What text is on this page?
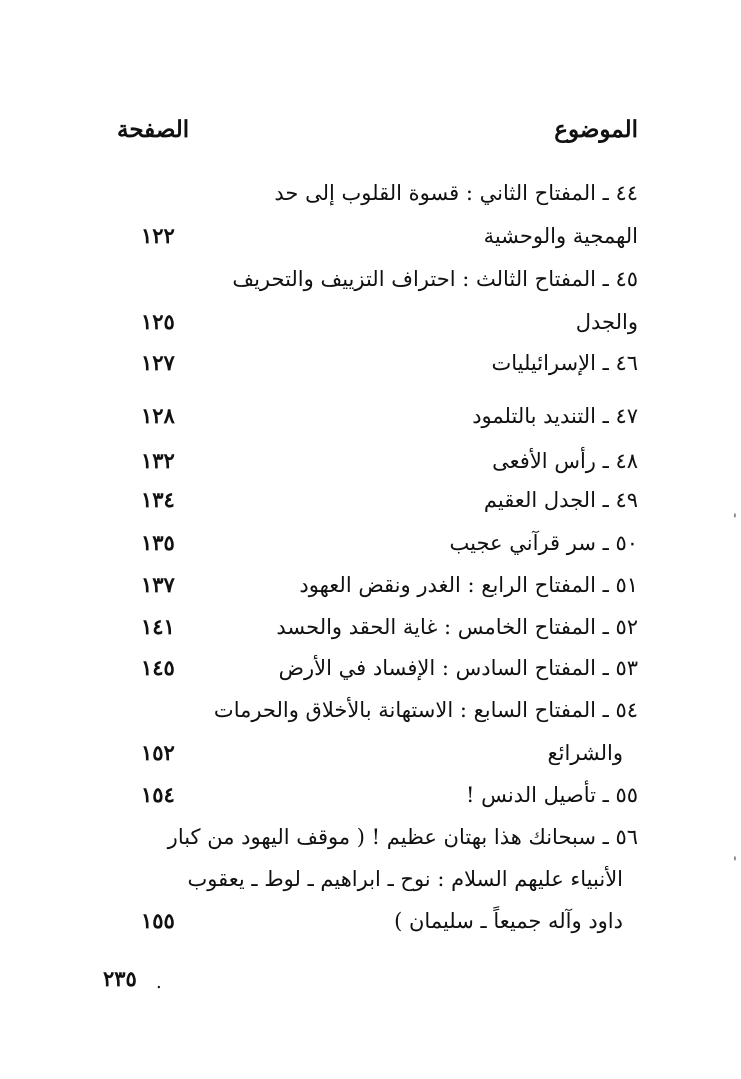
الموضوع
الصفحة
٤٤ ـ المفتاح الثاني : قسوة القلوب إلى حد
الهمجية والوحشية
١٢٢
٤٥ ـ المفتاح الثالث : احتراف التزييف والتحريف
والجدل
١٢٥
٤٦ ـ الإسرائيليات
١٢٧
٤٧ ـ التنديد بالتلمود
١٢٨
٤٨ ـ رأس الأفعى
١٣٢
٤٩ ـ الجدل العقيم
١٣٤
٥٠ ـ سر قرآني عجيب
١٣٥
٥١ ـ المفتاح الرابع : الغدر ونقض العهود
١٣٧
٥٢ ـ المفتاح الخامس : غاية الحقد والحسد
١٤١
٥٣ ـ المفتاح السادس : الإفساد في الأرض
١٤٥
٥٤ ـ المفتاح السابع : الاستهانة بالأخلاق والحرمات
والشرائع
١٥٢
٥٥ ـ تأصيل الدنس !
١٥٤
٥٦ ـ سبحانك هذا بهتان عظيم ! ( موقف اليهود من كبار
الأنبياء عليهم السلام : نوح ـ ابراهيم ـ لوط ـ يعقوب
داود وآله جميعاً ـ سليمان )
١٥٥
٢٣٥ .
'
'
